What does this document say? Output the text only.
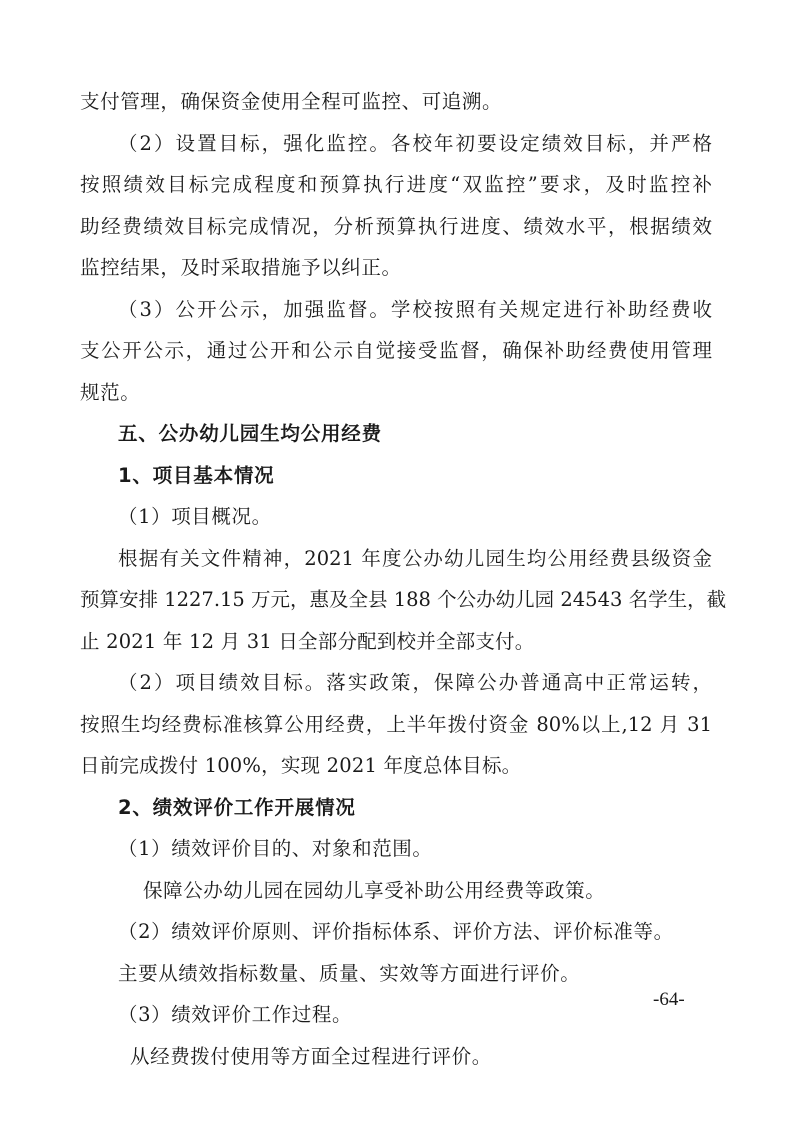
支付管理，确保资金使用全程可监控、可追溯。
（2）设置目标，强化监控。各校年初要设定绩效目标，并严格
按照绩效目标完成程度和预算执行进度“双监控”要求，及时监控补
助经费绩效目标完成情况，分析预算执行进度、绩效水平，根据绩效
监控结果，及时采取措施予以纠正。
（3）公开公示，加强监督。学校按照有关规定进行补助经费收
支公开公示，通过公开和公示自觉接受监督，确保补助经费使用管理
规范。
五、公办幼儿园生均公用经费
1、项目基本情况
（1）项目概况。
根据有关文件精神，2021 年度公办幼儿园生均公用经费县级资金
预算安排 1227.15 万元，惠及全县 188 个公办幼儿园 24543 名学生，截
止 2021 年 12 月 31 日全部分配到校并全部支付。
（2）项目绩效目标。落实政策，保障公办普通高中正常运转，
按照生均经费标准核算公用经费，上半年拨付资金 80%以上,12 月 31
日前完成拨付 100%，实现 2021 年度总体目标。
2、绩效评价工作开展情况
（1）绩效评价目的、对象和范围。
保障公办幼儿园在园幼儿享受补助公用经费等政策。
（2）绩效评价原则、评价指标体系、评价方法、评价标准等。
主要从绩效指标数量、质量、实效等方面进行评价。
（3）绩效评价工作过程。
从经费拨付使用等方面全过程进行评价。
-64-
